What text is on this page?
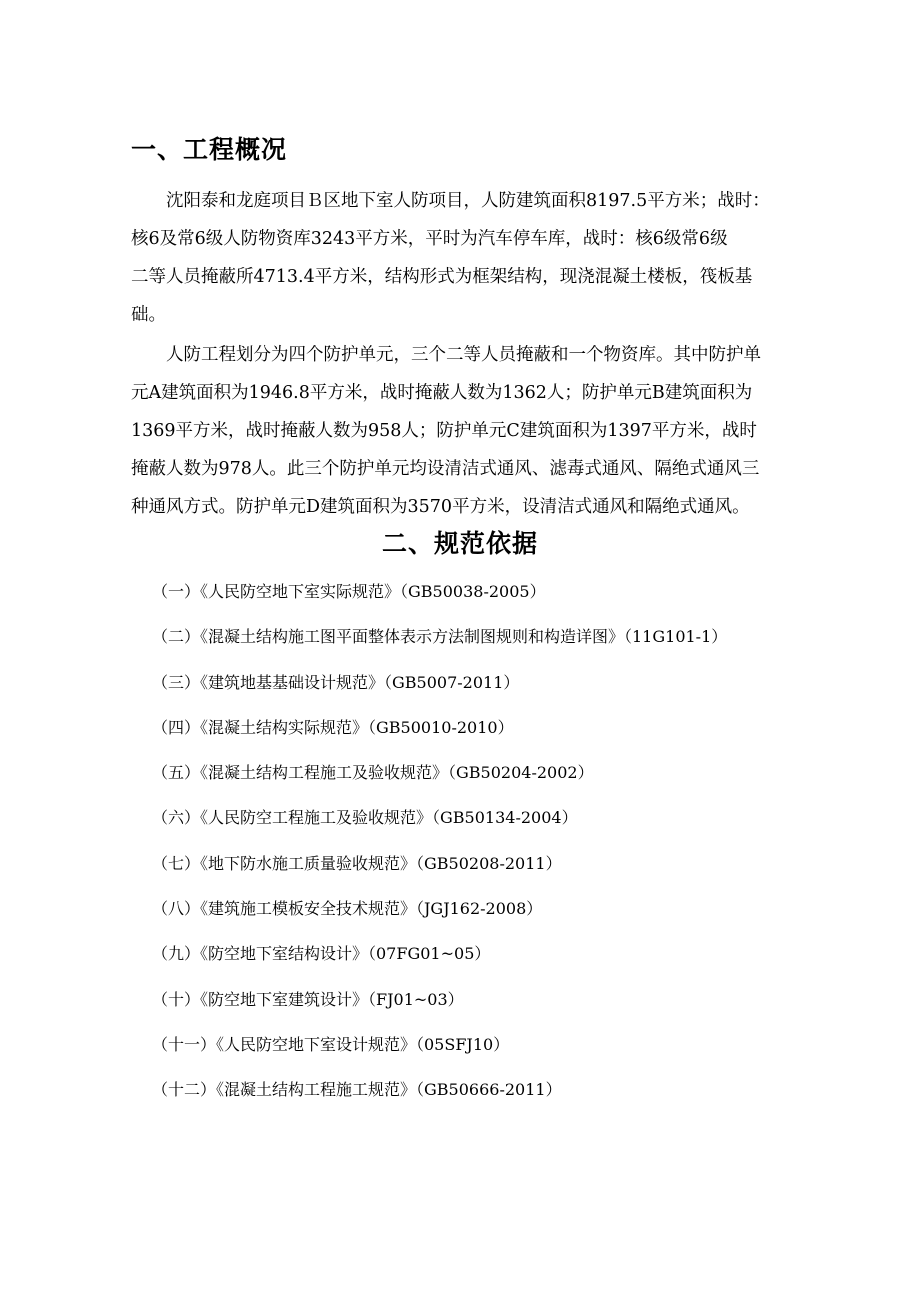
一、工程概况
　　沈阳泰和龙庭项目Ｂ区地下室人防项目，人防建筑面积8197.5平方米；战时：
核6及常6级人防物资库3243平方米，平时为汽车停车库，战时：核6级常6级
二等人员掩蔽所4713.4平方米，结构形式为框架结构，现浇混凝土楼板，筏板基
础。
　　人防工程划分为四个防护单元，三个二等人员掩蔽和一个物资库。其中防护单
元A建筑面积为1946.8平方米，战时掩蔽人数为1362人；防护单元B建筑面积为
1369平方米，战时掩蔽人数为958人；防护单元C建筑面积为1397平方米，战时
掩蔽人数为978人。此三个防护单元均设清洁式通风、滤毒式通风、隔绝式通风三
种通风方式。防护单元D建筑面积为3570平方米，设清洁式通风和隔绝式通风。
二、规范依据
（一）《人民防空地下室实际规范》（GB50038-2005）
（二）《混凝土结构施工图平面整体表示方法制图规则和构造详图》（11G101-1）
（三）《建筑地基基础设计规范》（GB5007-2011）
（四）《混凝土结构实际规范》（GB50010-2010）
（五）《混凝土结构工程施工及验收规范》（GB50204-2002）
（六）《人民防空工程施工及验收规范》（GB50134-2004）
（七）《地下防水施工质量验收规范》（GB50208-2011）
（八）《建筑施工模板安全技术规范》（JGJ162-2008）
（九）《防空地下室结构设计》（07FG01~05）
（十）《防空地下室建筑设计》（FJ01~03）
（十一）《人民防空地下室设计规范》（05SFJ10）
（十二）《混凝土结构工程施工规范》（GB50666-2011）
